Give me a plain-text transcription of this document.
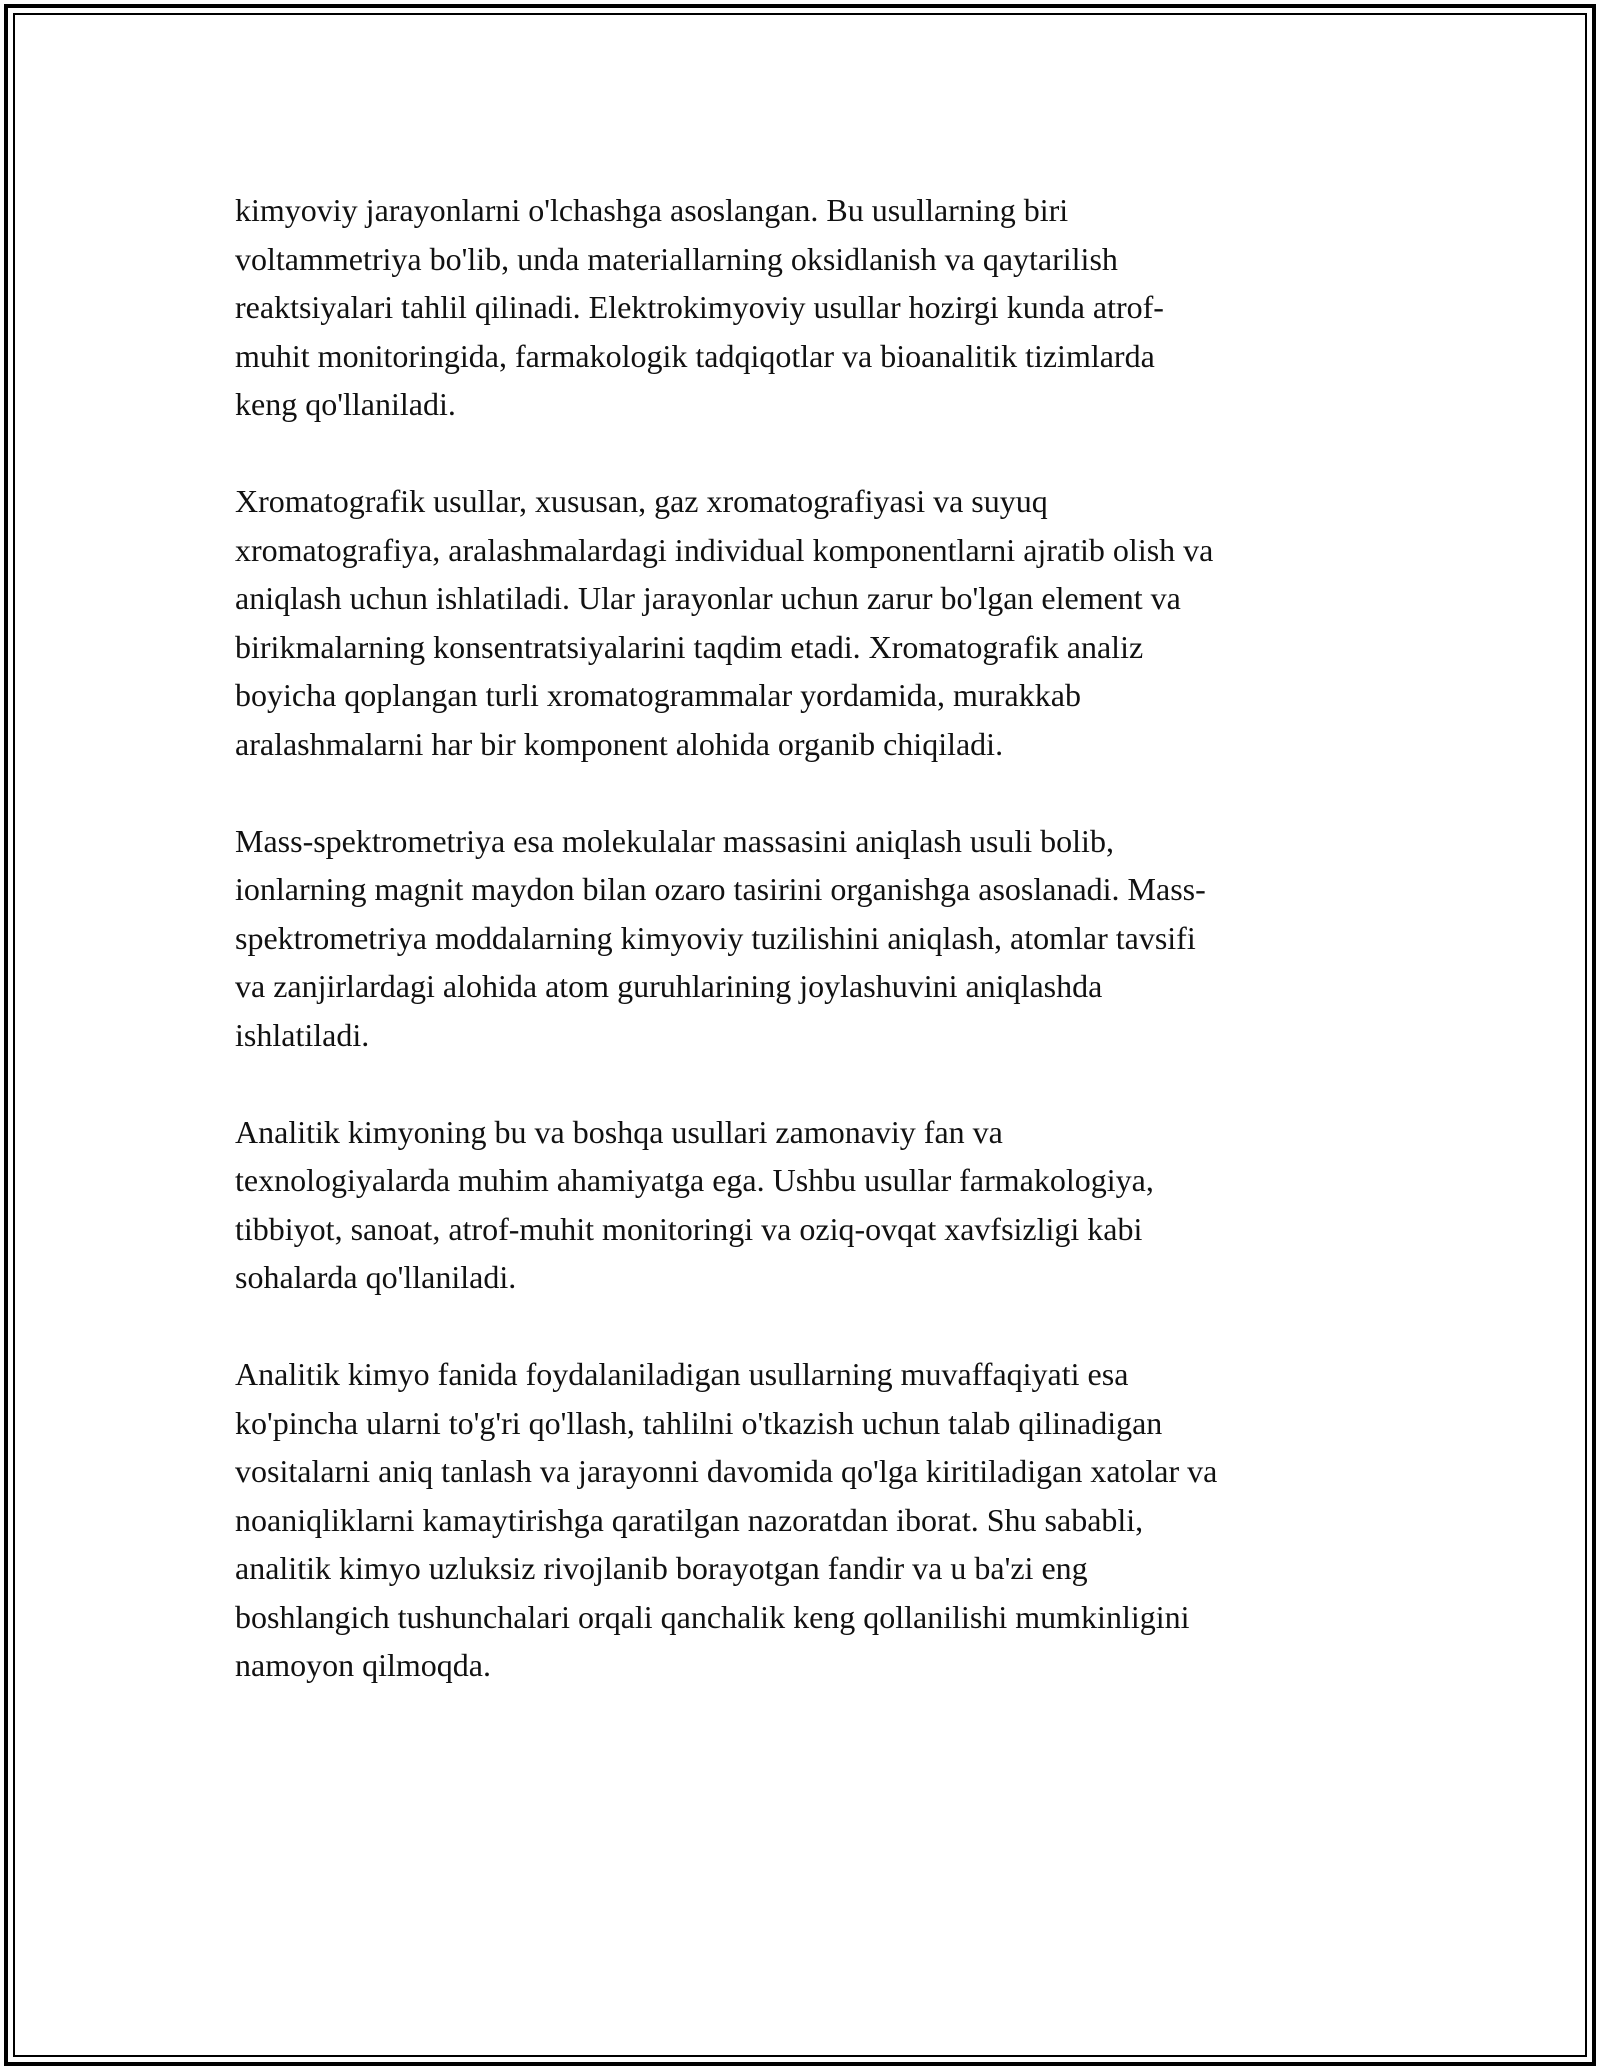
kimyoviy jarayonlarni o'lchashga asoslangan. Bu usullarning biri
voltammetriya bo'lib, unda materiallarning oksidlanish va qaytarilish
reaktsiyalari tahlil qilinadi. Elektrokimyoviy usullar hozirgi kunda atrof-
muhit monitoringida, farmakologik tadqiqotlar va bioanalitik tizimlarda
keng qo'llaniladi.

Xromatografik usullar, xususan, gaz xromatografiyasi va suyuq
xromatografiya, aralashmalardagi individual komponentlarni ajratib olish va
aniqlash uchun ishlatiladi. Ular jarayonlar uchun zarur bo'lgan element va
birikmalarning konsentratsiyalarini taqdim etadi. Xromatografik analiz
boyicha qoplangan turli xromatogrammalar yordamida, murakkab
aralashmalarni har bir komponent alohida organib chiqiladi.

Mass-spektrometriya esa molekulalar massasini aniqlash usuli bolib,
ionlarning magnit maydon bilan ozaro tasirini organishga asoslanadi. Mass-
spektrometriya moddalarning kimyoviy tuzilishini aniqlash, atomlar tavsifi
va zanjirlardagi alohida atom guruhlarining joylashuvini aniqlashda
ishlatiladi.

Analitik kimyoning bu va boshqa usullari zamonaviy fan va
texnologiyalarda muhim ahamiyatga ega. Ushbu usullar farmakologiya,
tibbiyot, sanoat, atrof-muhit monitoringi va oziq-ovqat xavfsizligi kabi
sohalarda qo'llaniladi.

Analitik kimyo fanida foydalaniladigan usullarning muvaffaqiyati esa
ko'pincha ularni to'g'ri qo'llash, tahlilni o'tkazish uchun talab qilinadigan
vositalarni aniq tanlash va jarayonni davomida qo'lga kiritiladigan xatolar va
noaniqliklarni kamaytirishga qaratilgan nazoratdan iborat. Shu sababli,
analitik kimyo uzluksiz rivojlanib borayotgan fandir va u ba'zi eng
boshlangich tushunchalari orqali qanchalik keng qollanilishi mumkinligini
namoyon qilmoqda.
